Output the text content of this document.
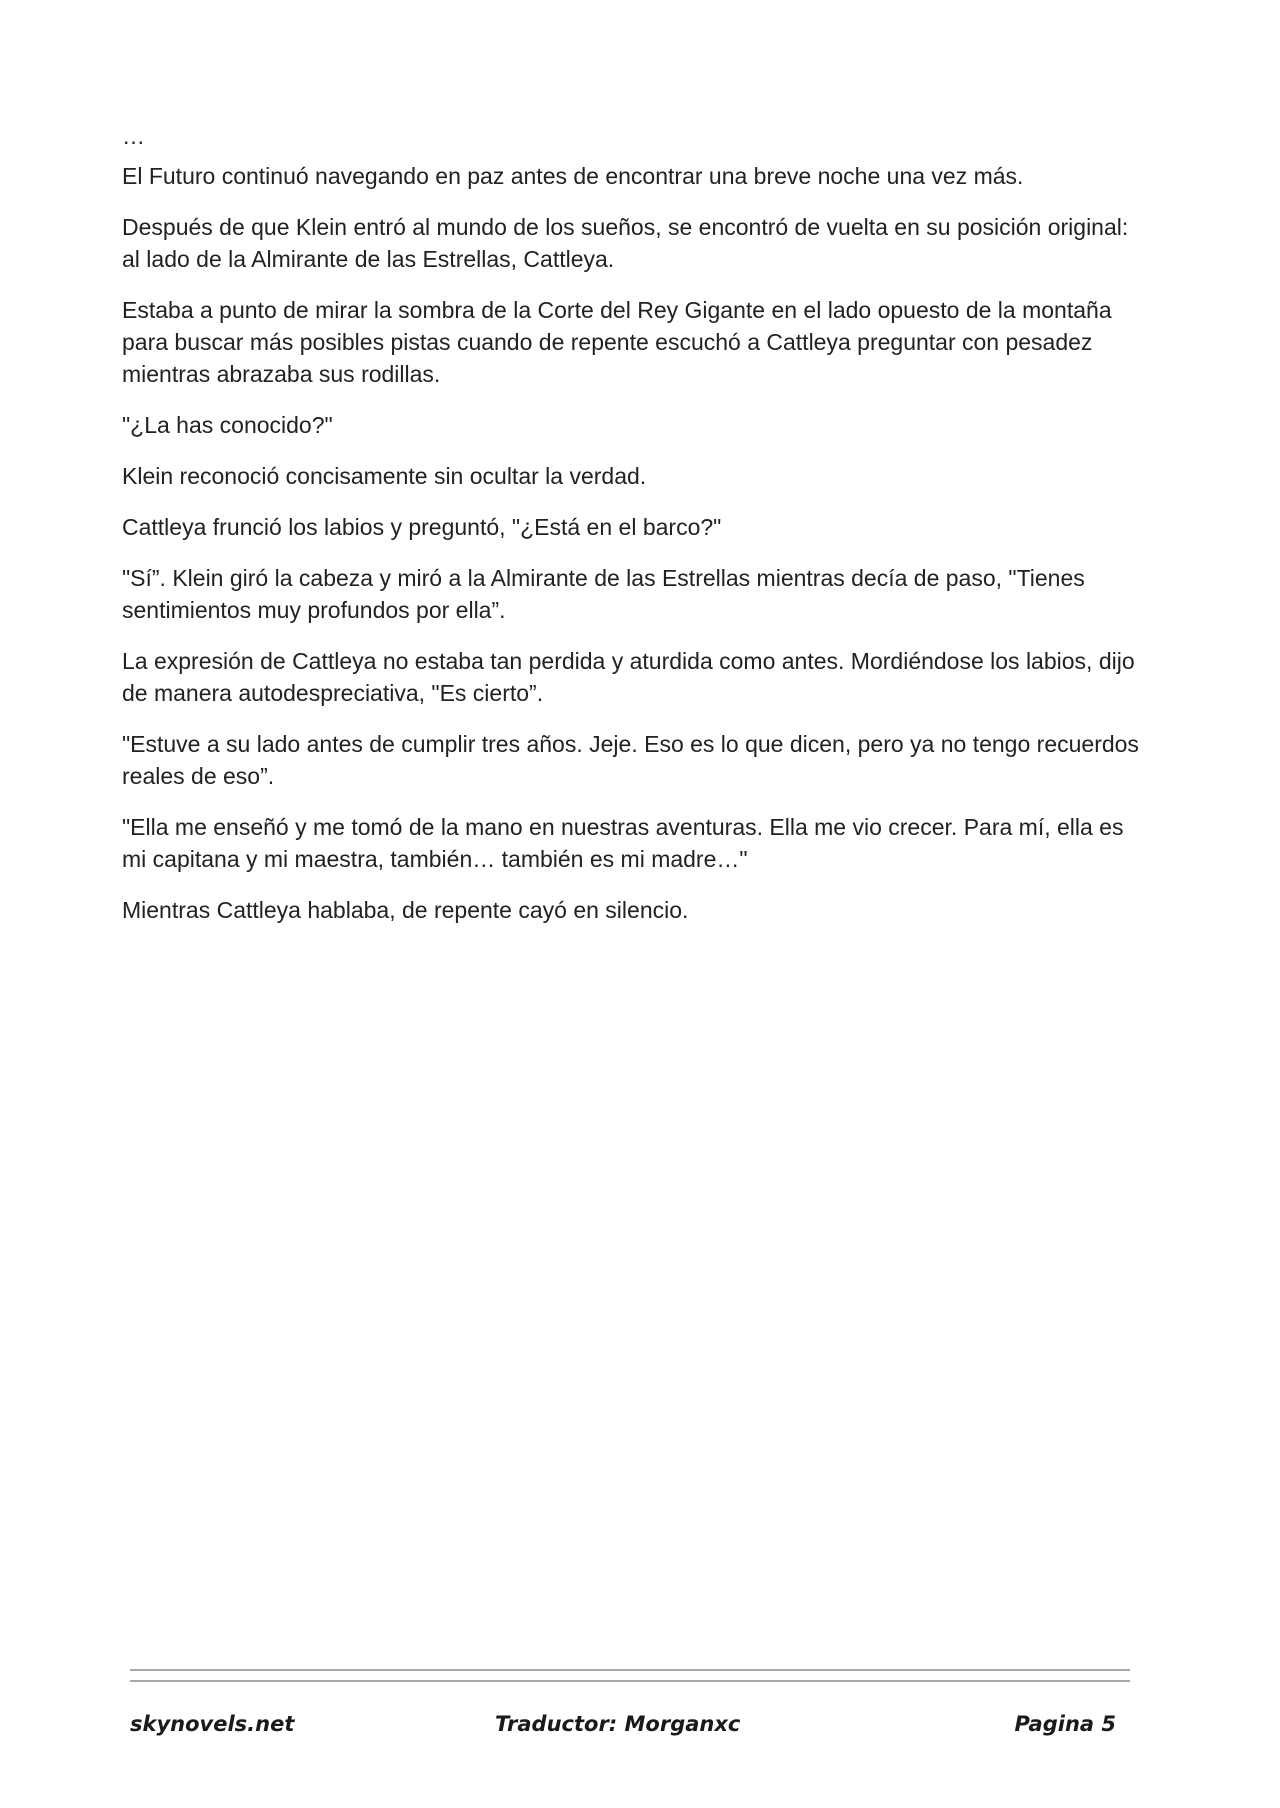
…

El Futuro continuó navegando en paz antes de encontrar una breve noche una vez más.

Después de que Klein entró al mundo de los sueños, se encontró de vuelta en su posición original: al lado de la Almirante de las Estrellas, Cattleya.

Estaba a punto de mirar la sombra de la Corte del Rey Gigante en el lado opuesto de la montaña para buscar más posibles pistas cuando de repente escuchó a Cattleya preguntar con pesadez mientras abrazaba sus rodillas.

"¿La has conocido?"

Klein reconoció concisamente sin ocultar la verdad.

Cattleya frunció los labios y preguntó, "¿Está en el barco?"

"Sí”. Klein giró la cabeza y miró a la Almirante de las Estrellas mientras decía de paso, "Tienes sentimientos muy profundos por ella”.

La expresión de Cattleya no estaba tan perdida y aturdida como antes. Mordiéndose los labios, dijo de manera autodespreciativa, "Es cierto”.

"Estuve a su lado antes de cumplir tres años. Jeje. Eso es lo que dicen, pero ya no tengo recuerdos reales de eso”.

"Ella me enseñó y me tomó de la mano en nuestras aventuras. Ella me vio crecer. Para mí, ella es mi capitana y mi maestra, también… también es mi madre…"

Mientras Cattleya hablaba, de repente cayó en silencio.

skynovels.net	Traductor: Morganxc	Pagina 5
